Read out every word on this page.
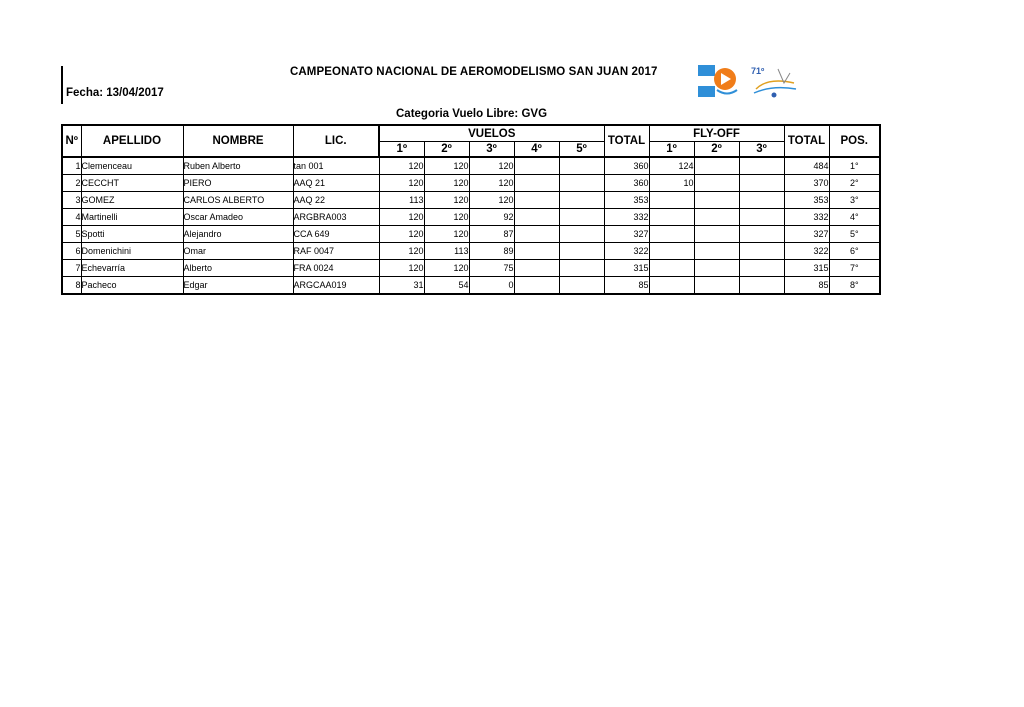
CAMPEONATO NACIONAL DE AEROMODELISMO SAN JUAN 2017
Fecha: 13/04/2017
Categoria Vuelo Libre: GVG
71º
Nº	APELLIDO	NOMBRE	LIC.	VUELOS					TOTAL	FLY-OFF			TOTAL	POS.
				1º	2º	3º	4º	5º		1º	2º	3º		
1	Clemenceau	Ruben Alberto	tan 001	120	120	120			360	124			484	1°
2	CECCHT	PIERO	AAQ 21	120	120	120			360	10			370	2°
3	GOMEZ	CARLOS ALBERTO	AAQ 22	113	120	120			353				353	3°
4	Martinelli	Oscar Amadeo	ARGBRA003	120	120	92			332				332	4°
5	Spotti	Alejandro	CCA 649	120	120	87			327				327	5°
6	Domenichini	Omar	RAF 0047	120	113	89			322				322	6°
7	Echevarría	Alberto	FRA 0024	120	120	75			315				315	7°
8	Pacheco	Edgar	ARGCAA019	31	54	0			85				85	8°
